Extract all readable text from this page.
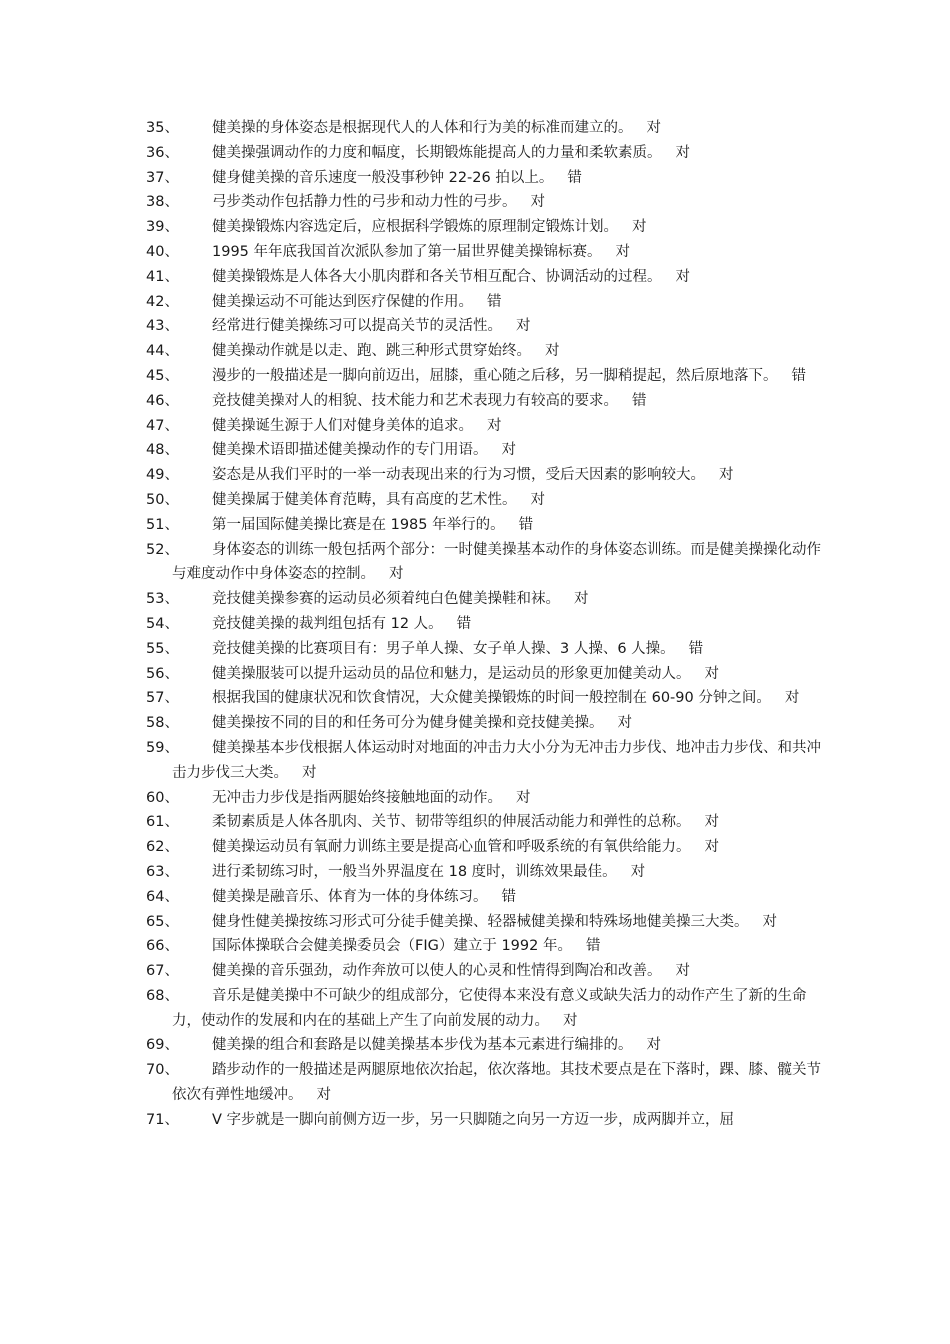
35、	健美操的身体姿态是根据现代人的人体和行为美的标准而建立的。 对
36、	健美操强调动作的力度和幅度，长期锻炼能提高人的力量和柔软素质。 对
37、	健身健美操的音乐速度一般没事秒钟 22-26 拍以上。 错
38、	弓步类动作包括静力性的弓步和动力性的弓步。 对
39、	健美操锻炼内容选定后，应根据科学锻炼的原理制定锻炼计划。 对
40、	1995 年年底我国首次派队参加了第一届世界健美操锦标赛。 对
41、	健美操锻炼是人体各大小肌肉群和各关节相互配合、协调活动的过程。 对
42、	健美操运动不可能达到医疗保健的作用。 错
43、	经常进行健美操练习可以提高关节的灵活性。 对
44、	健美操动作就是以走、跑、跳三种形式贯穿始终。 对
45、	漫步的一般描述是一脚向前迈出，屈膝，重心随之后移，另一脚稍提起，然后原地落下。 错
46、	竞技健美操对人的相貌、技术能力和艺术表现力有较高的要求。 错
47、	健美操诞生源于人们对健身美体的追求。 对
48、	健美操术语即描述健美操动作的专门用语。 对
49、	姿态是从我们平时的一举一动表现出来的行为习惯，受后天因素的影响较大。 对
50、	健美操属于健美体育范畴，具有高度的艺术性。 对
51、	第一届国际健美操比赛是在 1985 年举行的。 错
52、	身体姿态的训练一般包括两个部分：一时健美操基本动作的身体姿态训练。而是健美操操化动作与难度动作中身体姿态的控制。 对
53、	竞技健美操参赛的运动员必须着纯白色健美操鞋和袜。 对
54、	竞技健美操的裁判组包括有 12 人。 错
55、	竞技健美操的比赛项目有：男子单人操、女子单人操、3 人操、6 人操。 错
56、	健美操服装可以提升运动员的品位和魅力，是运动员的形象更加健美动人。 对
57、	根据我国的健康状况和饮食情况，大众健美操锻炼的时间一般控制在 60-90 分钟之间。 对
58、	健美操按不同的目的和任务可分为健身健美操和竞技健美操。 对
59、	健美操基本步伐根据人体运动时对地面的冲击力大小分为无冲击力步伐、地冲击力步伐、和共冲击力步伐三大类。 对
60、	无冲击力步伐是指两腿始终接触地面的动作。 对
61、	柔韧素质是人体各肌肉、关节、韧带等组织的伸展活动能力和弹性的总称。 对
62、	健美操运动员有氧耐力训练主要是提高心血管和呼吸系统的有氧供给能力。 对
63、	进行柔韧练习时，一般当外界温度在 18 度时，训练效果最佳。 对
64、	健美操是融音乐、体育为一体的身体练习。 错
65、	健身性健美操按练习形式可分徒手健美操、轻器械健美操和特殊场地健美操三大类。 对
66、	国际体操联合会健美操委员会（FIG）建立于 1992 年。 错
67、	健美操的音乐强劲，动作奔放可以使人的心灵和性情得到陶冶和改善。 对
68、	音乐是健美操中不可缺少的组成部分，它使得本来没有意义或缺失活力的动作产生了新的生命力，使动作的发展和内在的基础上产生了向前发展的动力。 对
69、	健美操的组合和套路是以健美操基本步伐为基本元素进行编排的。 对
70、	踏步动作的一般描述是两腿原地依次抬起，依次落地。其技术要点是在下落时，踝、膝、髋关节依次有弹性地缓冲。 对
71、	V 字步就是一脚向前侧方迈一步，另一只脚随之向另一方迈一步，成两脚并立，屈
